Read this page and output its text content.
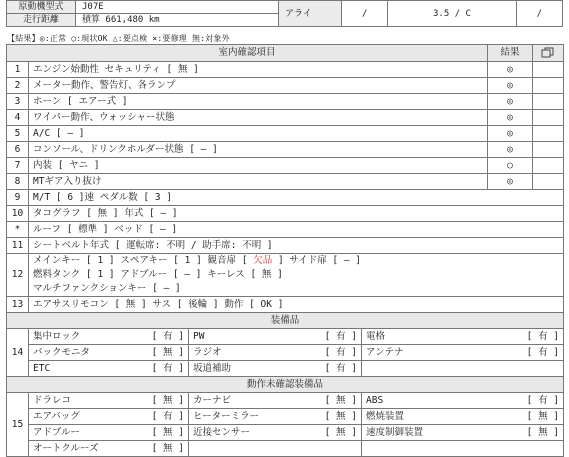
原動機型式	J07E	アライ	/	3.5 / C	/
走行距離	積算 661,480 km				
【結果】◎:正常 ○:現状OK △:要点検 ×:要修理 無:対象外
室内確認項目				結果	
1	エンジン始動性 セキュリティ [ 無 ]			◎	
2	メーター動作、警告灯、各ランプ			◎	
3	ホーン [ エアー式 ]			◎	
4	ワイパー動作、ウォッシャー状態			◎	
5	A/C [ ― ]			◎	
6	コンソール、ドリンクホルダー状態 [ ― ]			◎	
7	内装 [ ヤニ ]			○	
8	MTギア入り抜け			◎	
9	M/T [ 6 ]速 ペダル数 [ 3 ]				
10	タコグラフ [ 無 ] 年式 [ ― ]				
*	ルーフ [ 標準 ] ベッド [ ― ]				
11	シートベルト年式 [ 運転席: 不明 / 助手席: 不明 ]				
12	メインキー [ 1 ] スペアキー [ 1 ] 観音扉 [ 欠品 ] サイド扉 [ ― ]
燃料タンク [ 1 ] アドブルー [ ― ] キーレス [ 無 ]
マルチファンクションキー [ ― ]				

13	エアサスリモコン [ 無 ] サス [ 後輪 ] 動作 [ OK ]				
装備品					
14	集中ロック [ 有 ]	PW [ 有 ]	電格 [ 有 ]		

	バックモニタ [ 無 ]	ラジオ [ 有 ]	アンテナ [ 有 ]		

	ETC [ 有 ]	坂道補助 [ 有 ]			

動作未確認装備品					
15	ドラレコ [ 無 ]	カーナビ [ 無 ]	ABS [ 有 ]		

	エアバッグ [ 有 ]	ヒーターミラー [ 無 ]	燃焼装置 [ 無 ]		

	アドブルー [ 無 ]	近接センサー [ 無 ]	速度制御装置 [ 無 ]		

	オートクルーズ [ 無 ]				
